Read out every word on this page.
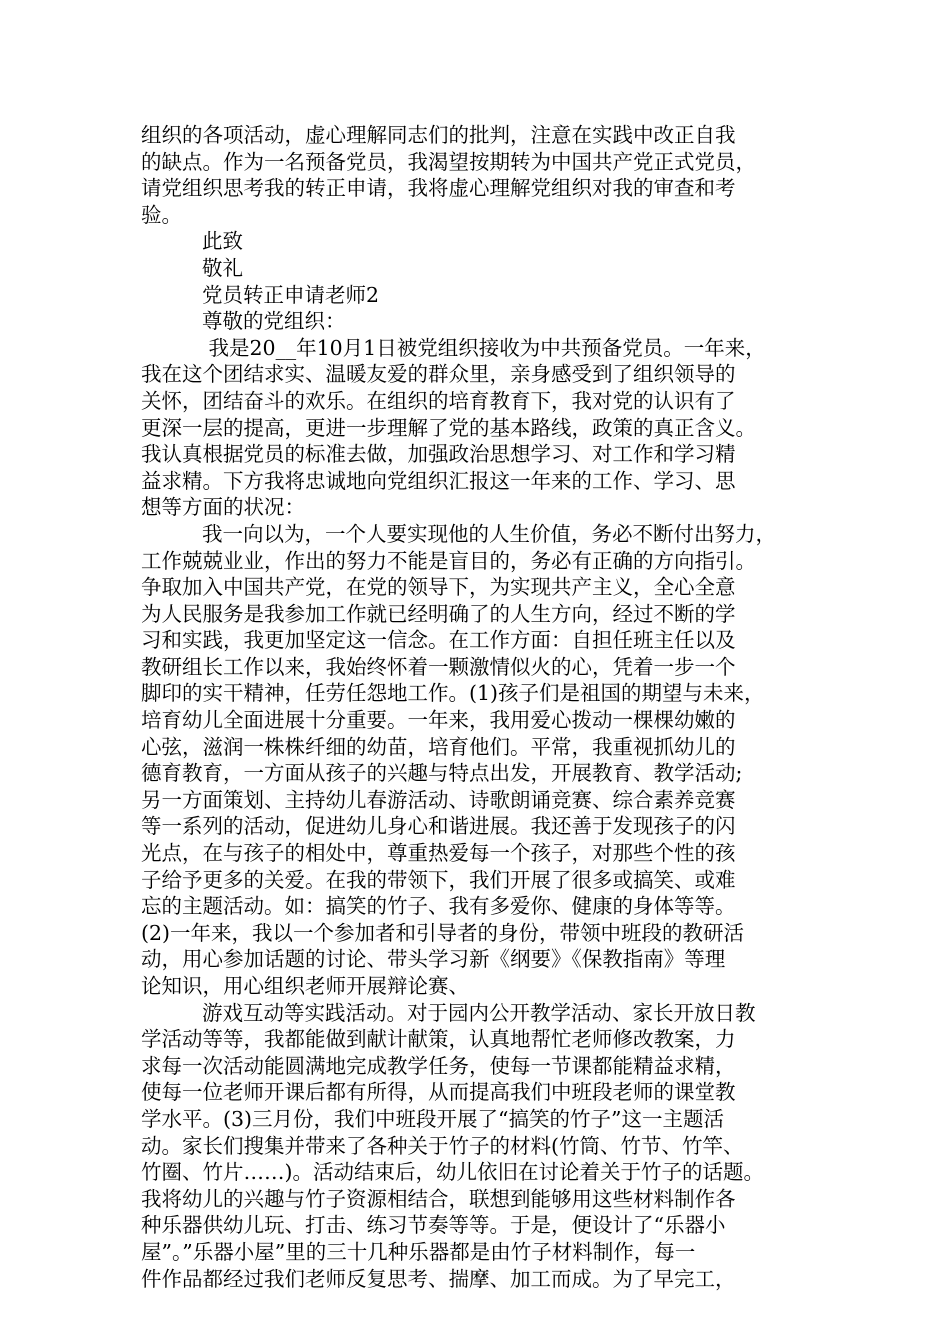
组织的各项活动，虚心理解同志们的批判，注意在实践中改正自我
的缺点。作为一名预备党员，我渴望按期转为中国共产党正式党员，
请党组织思考我的转正申请，我将虚心理解党组织对我的审查和考
验。
此致
敬礼
党员转正申请老师2
尊敬的党组织：
我是20__年10月1日被党组织接收为中共预备党员。一年来，
我在这个团结求实、温暖友爱的群众里，亲身感受到了组织领导的
关怀，团结奋斗的欢乐。在组织的培育教育下，我对党的认识有了
更深一层的提高，更进一步理解了党的基本路线，政策的真正含义。
我认真根据党员的标准去做，加强政治思想学习、对工作和学习精
益求精。下方我将忠诚地向党组织汇报这一年来的工作、学习、思
想等方面的状况：
我一向以为，一个人要实现他的人生价值，务必不断付出努力，
工作兢兢业业，作出的努力不能是盲目的，务必有正确的方向指引。
争取加入中国共产党，在党的领导下，为实现共产主义，全心全意
为人民服务是我参加工作就已经明确了的人生方向，经过不断的学
习和实践，我更加坚定这一信念。在工作方面：自担任班主任以及
教研组长工作以来，我始终怀着一颗激情似火的心，凭着一步一个
脚印的实干精神，任劳任怨地工作。(1)孩子们是祖国的期望与未来，
培育幼儿全面进展十分重要。一年来，我用爱心拨动一棵棵幼嫩的
心弦，滋润一株株纤细的幼苗，培育他们。平常，我重视抓幼儿的
德育教育，一方面从孩子的兴趣与特点出发，开展教育、教学活动;
另一方面策划、主持幼儿春游活动、诗歌朗诵竞赛、综合素养竞赛
等一系列的活动，促进幼儿身心和谐进展。我还善于发现孩子的闪
光点，在与孩子的相处中，尊重热爱每一个孩子，对那些个性的孩
子给予更多的关爱。在我的带领下，我们开展了很多或搞笑、或难
忘的主题活动。如：搞笑的竹子、我有多爱你、健康的身体等等。
(2)一年来，我以一个参加者和引导者的身份，带领中班段的教研活
动，用心参加话题的讨论、带头学习新《纲要》《保教指南》等理
论知识，用心组织老师开展辩论赛、
游戏互动等实践活动。对于园内公开教学活动、家长开放日教
学活动等等，我都能做到献计献策，认真地帮忙老师修改教案，力
求每一次活动能圆满地完成教学任务，使每一节课都能精益求精，
使每一位老师开课后都有所得，从而提高我们中班段老师的课堂教
学水平。(3)三月份，我们中班段开展了“搞笑的竹子”这一主题活
动。家长们搜集并带来了各种关于竹子的材料(竹筒、竹节、竹竿、
竹圈、竹片……)。活动结束后，幼儿依旧在讨论着关于竹子的话题。
我将幼儿的兴趣与竹子资源相结合，联想到能够用这些材料制作各
种乐器供幼儿玩、打击、练习节奏等等。于是，便设计了“乐器小
屋”。”乐器小屋”里的三十几种乐器都是由竹子材料制作，每一
件作品都经过我们老师反复思考、揣摩、加工而成。为了早完工，
